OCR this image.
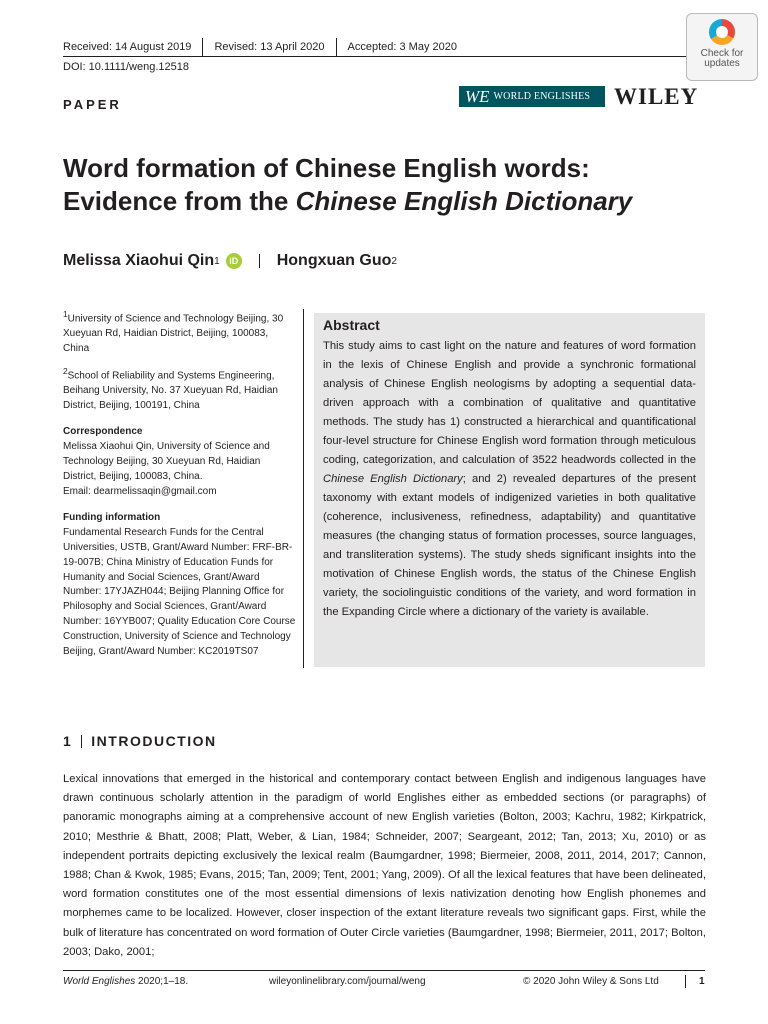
Received: 14 August 2019 Revised: 13 April 2020 Accepted: 3 May 2020
DOI: 10.1111/weng.12518
PAPER
Check for
updates
WE WORLD ENGLISHES WILEY
Word formation of Chinese English words:
Evidence from the Chinese English Dictionary
Melissa Xiaohui Qin 1	iD Hongxuan Guo 2
$^1$University of Science and Technology Beijing, 30 Xueyuan Rd, Haidian District, Beijing, 100083, China
$^2$School of Reliability and Systems Engineering, Beihang University, No. 37 Xueyuan Rd, Haidian District, Beijing, 100191, China
Correspondence
Melissa Xiaohui Qin, University of Science and Technology Beijing, 30 Xueyuan Rd, Haidian District, Beijing, 100083, China.
Email: dearmelissaqin@gmail.com
Funding information
Fundamental Research Funds for the Central Universities, USTB, Grant/Award Number: FRF-BR-19-007B; China Ministry of Education Funds for Humanity and Social Sciences, Grant/Award Number: 17YJAZH044; Beijing Planning Office for Philosophy and Social Sciences, Grant/Award Number: 16YYB007; Quality Education Core Course Construction, University of Science and Technology Beijing, Grant/Award Number: KC2019TS07
Abstract

This study aims to cast light on the nature and features of word formation in the lexis of Chinese English and provide a synchronic formational analysis of Chinese English neologisms by adopting a sequential data-driven approach with a combination of qualitative and quantitative methods. The study has 1) constructed a hierarchical and quantificational four-level structure for Chinese English word formation through meticulous coding, categorization, and calculation of 3522 headwords collected in the Chinese English Dictionary; and 2) revealed departures of the present taxonomy with extant models of indigenized varieties in both qualitative (coherence, inclusiveness, refinedness, adaptability) and quantitative measures (the changing status of formation processes, source languages, and transliteration systems). The study sheds significant insights into the motivation of Chinese English words, the status of the Chinese English variety, the sociolinguistic conditions of the variety, and word formation in the Expanding Circle where a dictionary of the variety is available.

1 INTRODUCTION

Lexical innovations that emerged in the historical and contemporary contact between English and indigenous languages have drawn continuous scholarly attention in the paradigm of world Englishes either as embedded sections (or paragraphs) of panoramic monographs aiming at a comprehensive account of new English varieties (Bolton, 2003; Kachru, 1982; Kirkpatrick, 2010; Mesthrie & Bhatt, 2008; Platt, Weber, & Lian, 1984; Schneider, 2007; Seargeant, 2012; Tan, 2013; Xu, 2010) or as independent portraits depicting exclusively the lexical realm (Baumgardner, 1998; Biermeier, 2008, 2011, 2014, 2017; Cannon, 1988; Chan & Kwok, 1985; Evans, 2015; Tan, 2009; Tent, 2001; Yang, 2009). Of all the lexical features that have been delineated, word formation constitutes one of the most essential dimensions of lexis nativization denoting how English phonemes and morphemes came to be localized. However, closer inspection of the extant literature reveals two significant gaps. First, while the bulk of literature has concentrated on word formation of Outer Circle varieties (Baumgardner, 1998; Biermeier, 2011, 2017; Bolton, 2003; Dako, 2001;

World Englishes 2020;1–18.	wileyonlinelibrary.com/journal/weng	© 2020 John Wiley & Sons Ltd	1
